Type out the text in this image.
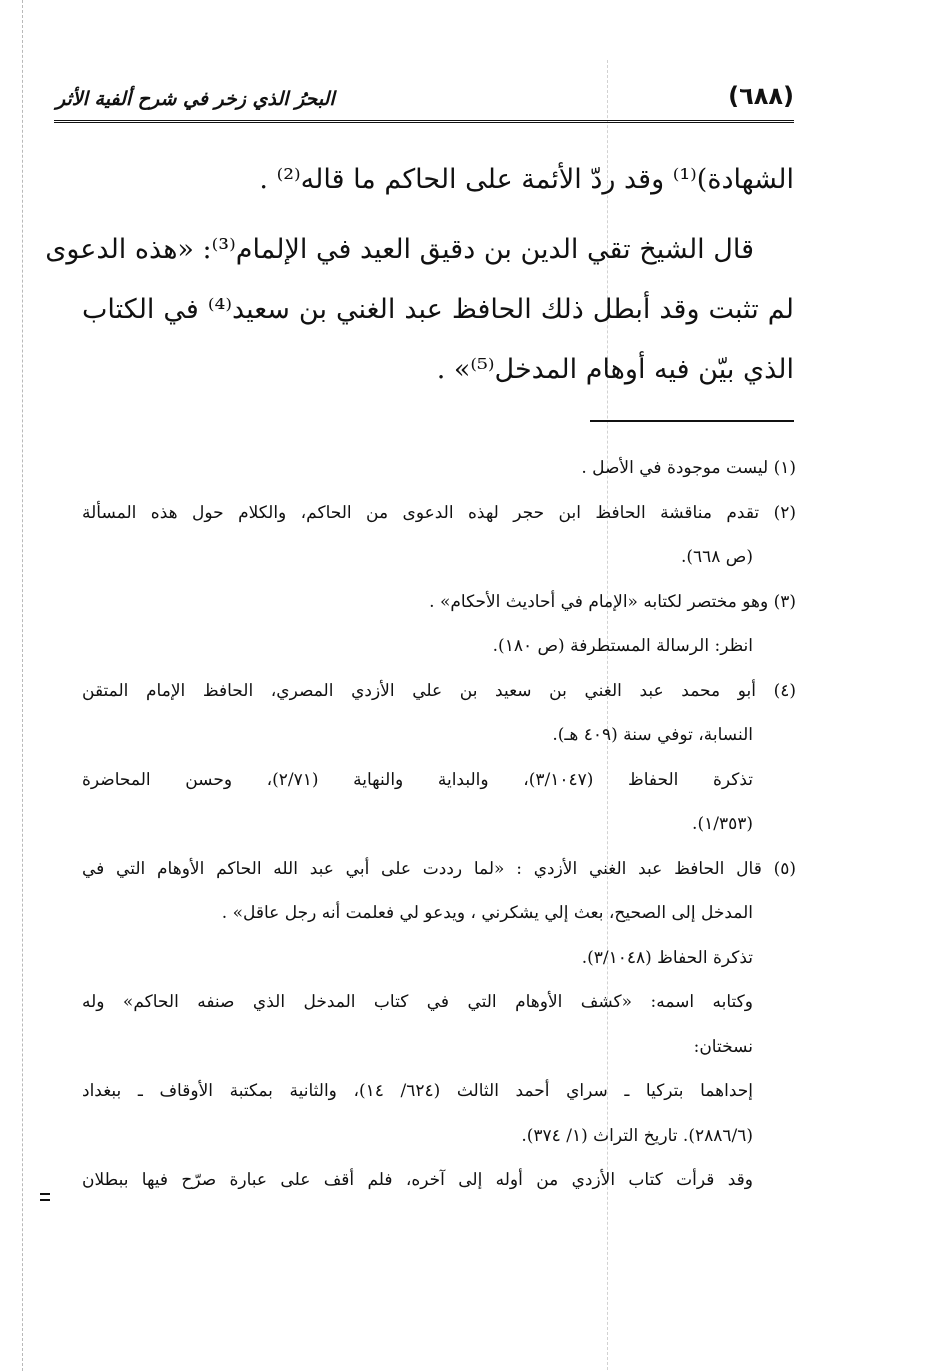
(٦٨٨)
البحرُ الذي زخر في شرح ألفية الأثر
الشهادة)⁽¹⁾ وقد ردّ الأئمة على الحاكم ما قاله⁽²⁾ .
قال الشيخ تقي الدين بن دقيق العيد في الإلمام⁽³⁾: «هذه الدعوى
لم تثبت وقد أبطل ذلك الحافظ عبد الغني بن سعيد⁽⁴⁾ في الكتاب
الذي بيّن فيه أوهام المدخل⁽⁵⁾» .
(١) ليست موجودة في الأصل .
(٢) تقدم مناقشة الحافظ ابن حجر لهذه الدعوى من الحاكم، والكلام حول هذه المسألة
(ص ٦٦٨).
(٣) وهو مختصر لكتابه «الإمام في أحاديث الأحكام» .
انظر: الرسالة المستطرفة (ص ١٨٠).
(٤) أبو محمد عبد الغني بن سعيد بن علي الأزدي المصري، الحافظ الإمام المتقن
النسابة، توفي سنة (٤٠٩ هـ).
تذكرة الحفاظ (٣/١٠٤٧)، والبداية والنهاية (٢/٧١)، وحسن المحاضرة
(١/٣٥٣).
(٥) قال الحافظ عبد الغني الأزدي : «لما رددت على أبي عبد الله الحاكم الأوهام التي في
المدخل إلى الصحيح، بعث إلي يشكرني ، ويدعو لي فعلمت أنه رجل عاقل» .
تذكرة الحفاظ (٣/١٠٤٨).
وكتابه اسمه: «كشف الأوهام التي في كتاب المدخل الذي صنفه الحاكم» وله
نسختان:
إحداهما بتركيا ـ سراي أحمد الثالث (٦٢٤/ ١٤)، والثانية بمكتبة الأوقاف ـ ببغداد
(٢٨٨٦/٦). تاريخ التراث (١/ ٣٧٤).
وقد قرأت كتاب الأزدي من أوله إلى آخره، فلم أقف على عبارة صرّح فيها ببطلان
